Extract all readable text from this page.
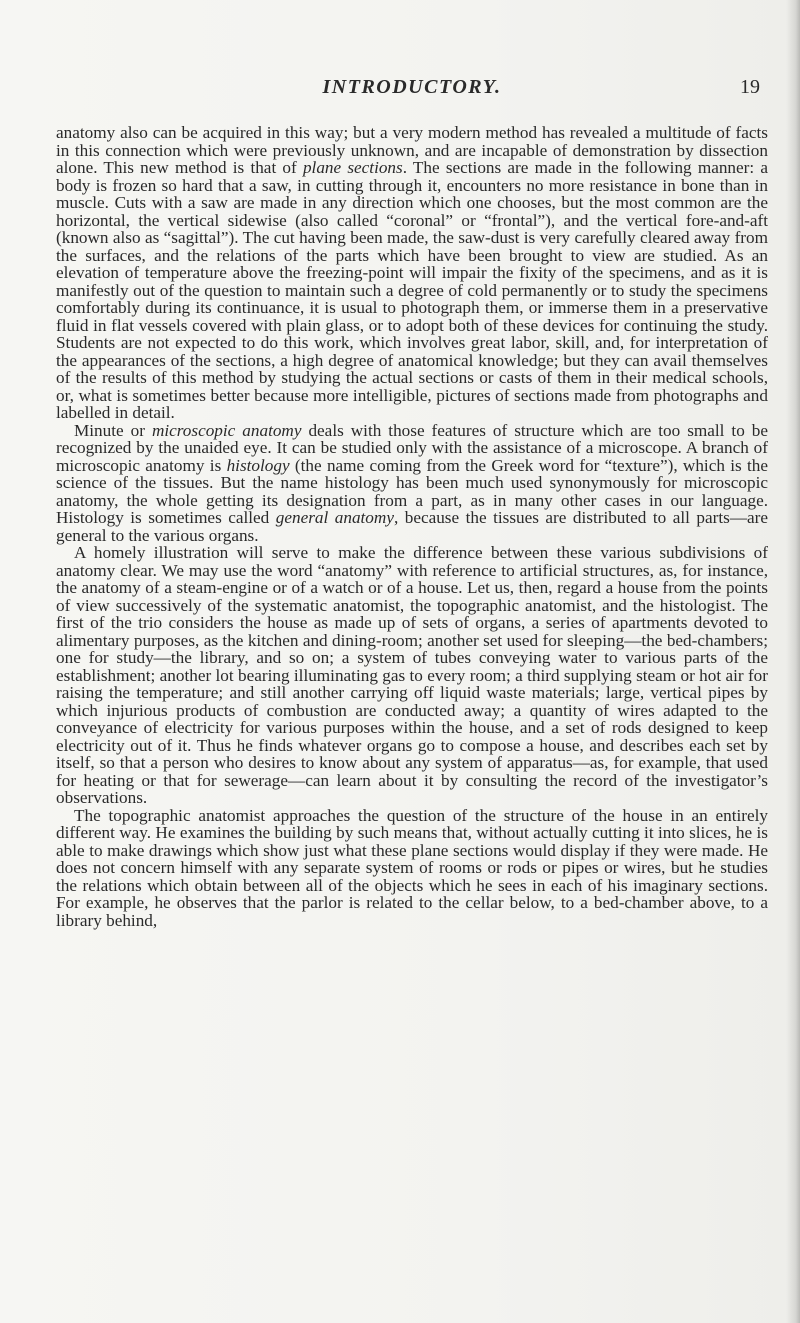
INTRODUCTORY.	19

anatomy also can be acquired in this way; but a very modern method has revealed a multitude of facts in this connection which were previously unknown, and are incapable of demonstration by dissection alone. This new method is that of plane sections. The sections are made in the following manner: a body is frozen so hard that a saw, in cutting through it, encounters no more resistance in bone than in muscle. Cuts with a saw are made in any direction which one chooses, but the most common are the horizontal, the vertical sidewise (also called “coronal” or “frontal”), and the vertical fore-and-aft (known also as “sagittal”). The cut having been made, the saw-dust is very carefully cleared away from the surfaces, and the relations of the parts which have been brought to view are studied. As an elevation of temperature above the freezing-point will impair the fixity of the specimens, and as it is manifestly out of the question to maintain such a degree of cold permanently or to study the specimens comfortably during its continuance, it is usual to photograph them, or immerse them in a preservative fluid in flat vessels covered with plain glass, or to adopt both of these devices for continuing the study. Students are not expected to do this work, which involves great labor, skill, and, for interpretation of the appearances of the sections, a high degree of anatomical knowledge; but they can avail themselves of the results of this method by studying the actual sections or casts of them in their medical schools, or, what is sometimes better because more intelligible, pictures of sections made from photographs and labelled in detail.

Minute or microscopic anatomy deals with those features of structure which are too small to be recognized by the unaided eye. It can be studied only with the assistance of a microscope. A branch of microscopic anatomy is histology (the name coming from the Greek word for “texture”), which is the science of the tissues. But the name histology has been much used synonymously for microscopic anatomy, the whole getting its designation from a part, as in many other cases in our language. Histology is sometimes called general anatomy, because the tissues are distributed to all parts—are general to the various organs.

A homely illustration will serve to make the difference between these various subdivisions of anatomy clear. We may use the word “anatomy” with reference to artificial structures, as, for instance, the anatomy of a steam-engine or of a watch or of a house. Let us, then, regard a house from the points of view successively of the systematic anatomist, the topographic anatomist, and the histologist. The first of the trio considers the house as made up of sets of organs, a series of apartments devoted to alimentary purposes, as the kitchen and dining-room; another set used for sleeping—the bed-chambers; one for study—the library, and so on; a system of tubes conveying water to various parts of the establishment; another lot bearing illuminating gas to every room; a third supplying steam or hot air for raising the temperature; and still another carrying off liquid waste materials; large, vertical pipes by which injurious products of combustion are conducted away; a quantity of wires adapted to the conveyance of electricity for various purposes within the house, and a set of rods designed to keep electricity out of it. Thus he finds whatever organs go to compose a house, and describes each set by itself, so that a person who desires to know about any system of apparatus—as, for example, that used for heating or that for sewerage—can learn about it by consulting the record of the investigator’s observations.

The topographic anatomist approaches the question of the structure of the house in an entirely different way. He examines the building by such means that, without actually cutting it into slices, he is able to make drawings which show just what these plane sections would display if they were made. He does not concern himself with any separate system of rooms or rods or pipes or wires, but he studies the relations which obtain between all of the objects which he sees in each of his imaginary sections. For example, he observes that the parlor is related to the cellar below, to a bed-chamber above, to a library behind,
